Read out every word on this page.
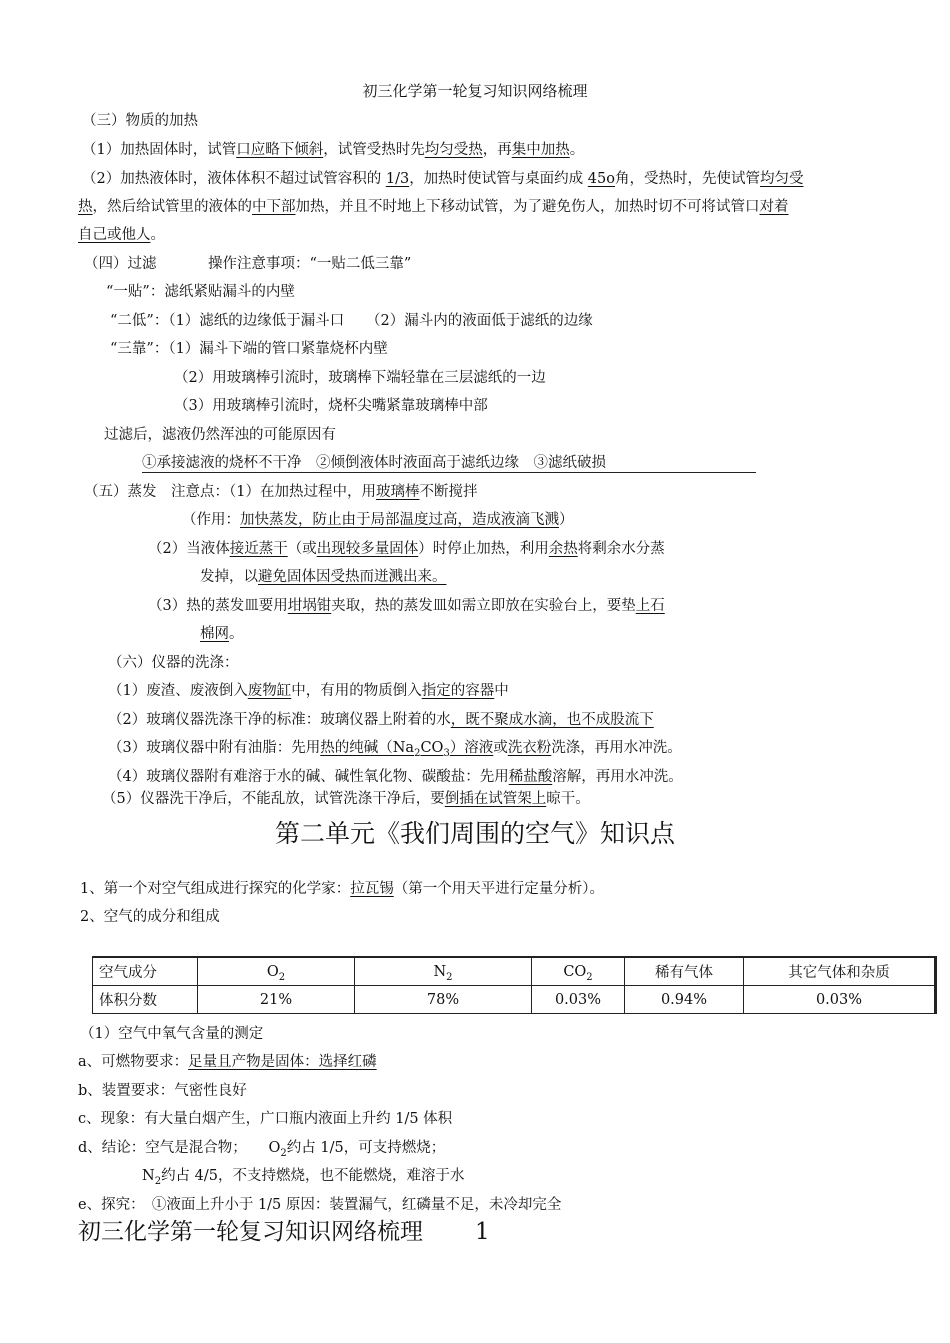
初三化学第一轮复习知识网络梳理
（三）物质的加热
（1）加热固体时，试管口应略下倾斜，试管受热时先均匀受热，再集中加热。
（2）加热液体时，液体体积不超过试管容积的 1/3，加热时使试管与桌面约成 45o角，受热时，先使试管均匀受
热，然后给试管里的液体的中下部加热，并且不时地上下移动试管，为了避免伤人，加热时切不可将试管口对着
自己或他人。
（四）过滤	操作注意事项：“一贴二低三靠”
“一贴”：滤纸紧贴漏斗的内壁
“二低”：（1）滤纸的边缘低于漏斗口　　（2）漏斗内的液面低于滤纸的边缘
“三靠”：（1）漏斗下端的管口紧靠烧杯内壁
（2）用玻璃棒引流时，玻璃棒下端轻靠在三层滤纸的一边
（3）用玻璃棒引流时，烧杯尖嘴紧靠玻璃棒中部
过滤后，滤液仍然浑浊的可能原因有
①承接滤液的烧杯不干净　②倾倒液体时液面高于滤纸边缘　③滤纸破损
（五）蒸发　注意点：（1）在加热过程中，用玻璃棒不断搅拌
（作用：加快蒸发，防止由于局部温度过高，造成液滴飞溅）
（2）当液体接近蒸干（或出现较多量固体）时停止加热，利用余热将剩余水分蒸
发掉，以避免固体因受热而迸溅出来。
（3）热的蒸发皿要用坩埚钳夹取，热的蒸发皿如需立即放在实验台上，要垫上石
棉网。
（六）仪器的洗涤：
（1）废渣、废液倒入废物缸中，有用的物质倒入指定的容器中
（2）玻璃仪器洗涤干净的标准：玻璃仪器上附着的水，既不聚成水滴，也不成股流下
（3）玻璃仪器中附有油脂：先用热的纯碱$(Na_2CO_3)$溶液或洗衣粉洗涤，再用水冲洗。
（4）玻璃仪器附有难溶于水的碱、碱性氧化物、碳酸盐：先用稀盐酸溶解，再用水冲洗。
（5）仪器洗干净后，不能乱放，试管洗涤干净后，要倒插在试管架上晾干。
第二单元《我们周围的空气》知识点
1、第一个对空气组成进行探究的化学家：拉瓦锡（第一个用天平进行定量分析）。
2、空气的成分和组成
空气成分	$O_2$	$N_2$	$CO_2$	稀有气体	其它气体和杂质
体积分数	21%	78%	0.03%	0.94%	0.03%
（1）空气中氧气含量的测定
a、可燃物要求：足量且产物是固体：选择红磷
b、装置要求：气密性良好
c、现象：有大量白烟产生，广口瓶内液面上升约 1/5 体积
d、结论：空气是混合物；　　$O_2$约占 1/5，可支持燃烧；
$N_2$约占 4/5，不支持燃烧，也不能燃烧，难溶于水
e、探究：　①液面上升小于 1/5 原因：装置漏气，红磷量不足，未冷却完全
初三化学第一轮复习知识网络梳理 1
